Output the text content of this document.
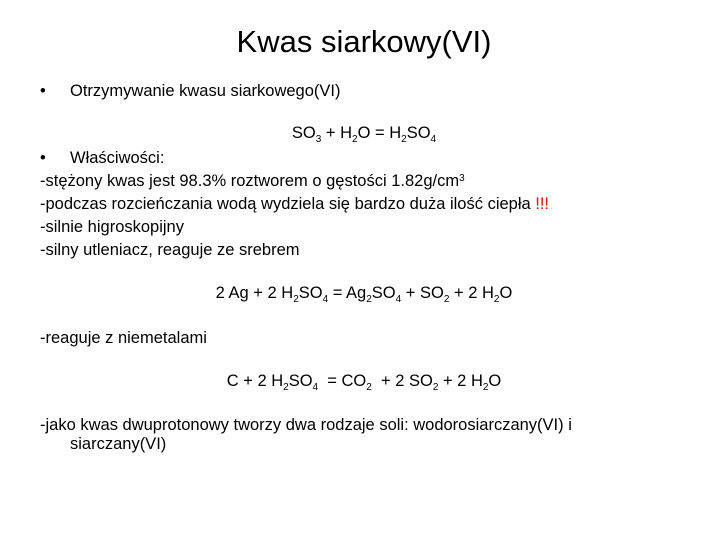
Kwas siarkowy(VI)
• Otrzymywanie kwasu siarkowego(VI)
$SO_3 + H_2O = H_2SO_4$
• Właściwości:
-stężony kwas jest 98.3% roztworem o gęstości $1.82g/cm^3$
-podczas rozcieńczania wodą wydziela się bardzo duża ilość ciepła !!!
-silnie higroskopijny
-silny utleniacz, reaguje ze srebrem
2 Ag + 2 $H_2SO_4 = Ag_2SO_4 + SO_2 + 2$ $H_2O$
-reaguje z niemetalami
C + 2 $H_2SO_4 = CO_2 + 2$ $SO_2 + 2$ $H_2O$
-jako kwas dwuprotonowy tworzy dwa rodzaje soli: wodorosiarczany(VI) i
siarczany(VI)
